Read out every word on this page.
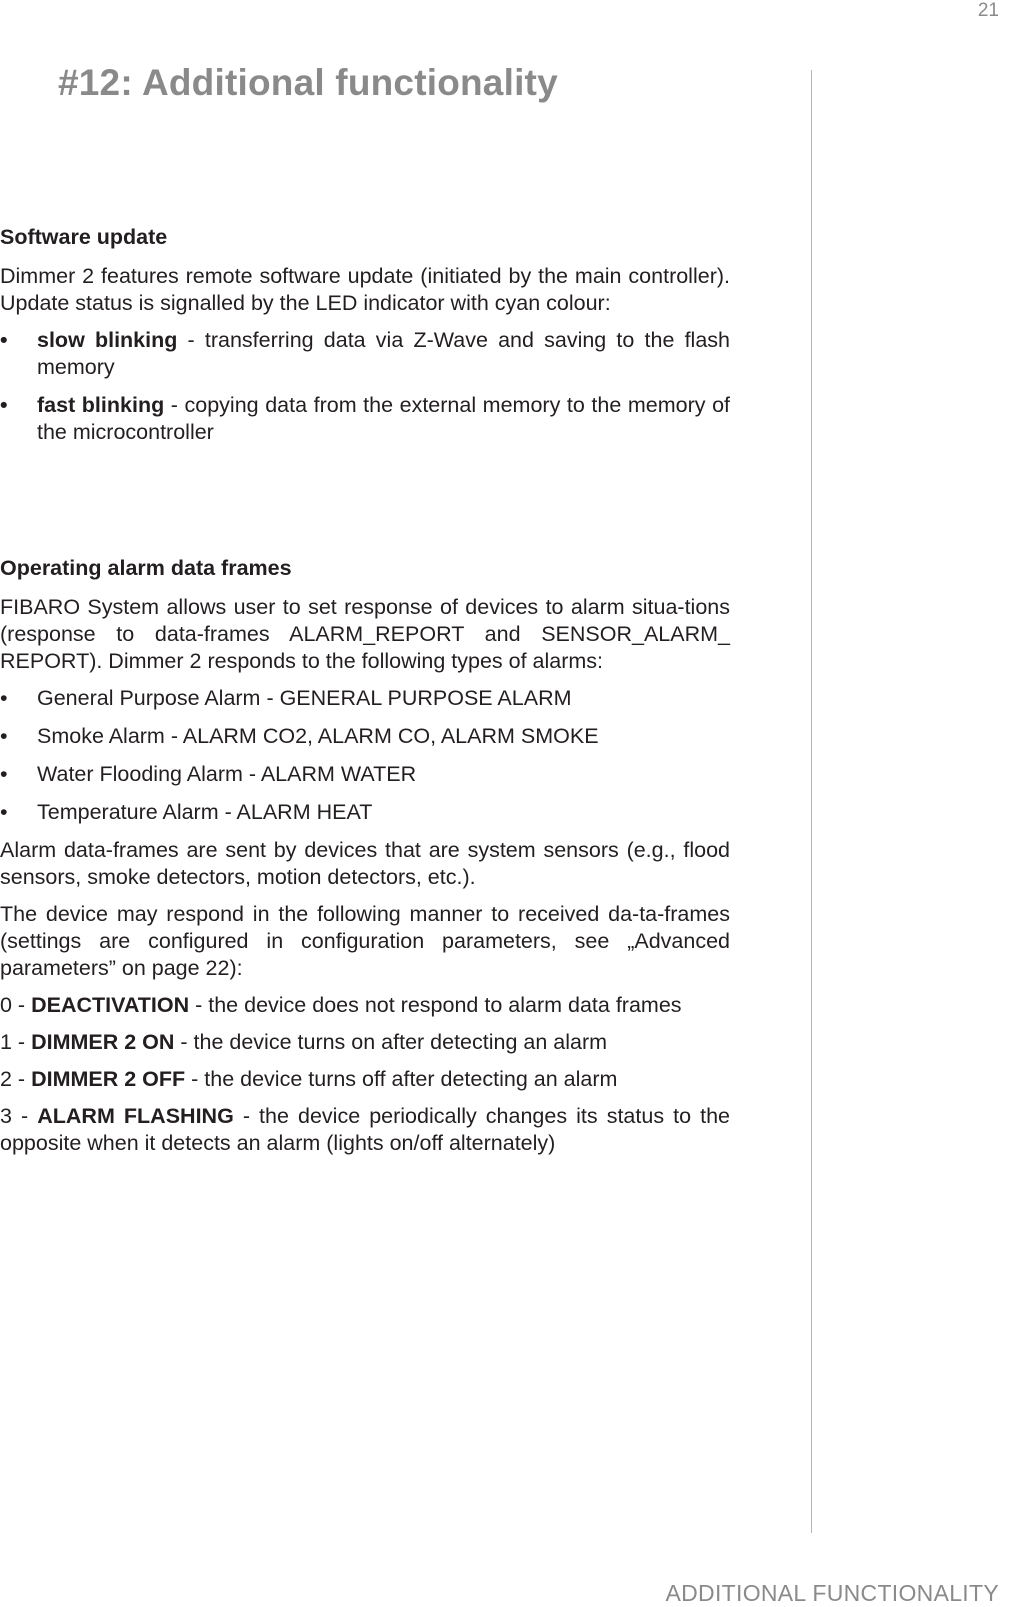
21
#12: Additional functionality
Software update

Dimmer 2 features remote software update (initiated by the main controller). Update status is signalled by the LED indicator with cyan colour:

• slow blinking - transferring data via Z-Wave and saving to the flash memory
• fast blinking - copying data from the external memory to the memory of the microcontroller
Operating alarm data frames

FIBARO System allows user to set response of devices to alarm situa-tions (response to data-frames ALARM_REPORT and SENSOR_ALARM_ REPORT). Dimmer 2 responds to the following types of alarms:

• General Purpose Alarm - GENERAL PURPOSE ALARM
• Smoke Alarm - ALARM CO2, ALARM CO, ALARM SMOKE
• Water Flooding Alarm - ALARM WATER
• Temperature Alarm - ALARM HEAT

Alarm data-frames are sent by devices that are system sensors (e.g., flood sensors, smoke detectors, motion detectors, etc.).

The device may respond in the following manner to received da-ta-frames (settings are configured in configuration parameters, see „Advanced parameters” on page 22):

0 - DEACTIVATION - the device does not respond to alarm data frames

1 - DIMMER 2 ON - the device turns on after detecting an alarm

2 - DIMMER 2 OFF - the device turns off after detecting an alarm

3 - ALARM FLASHING - the device periodically changes its status to the opposite when it detects an alarm (lights on/off alternately)

ADDITIONAL FUNCTIONALITY
